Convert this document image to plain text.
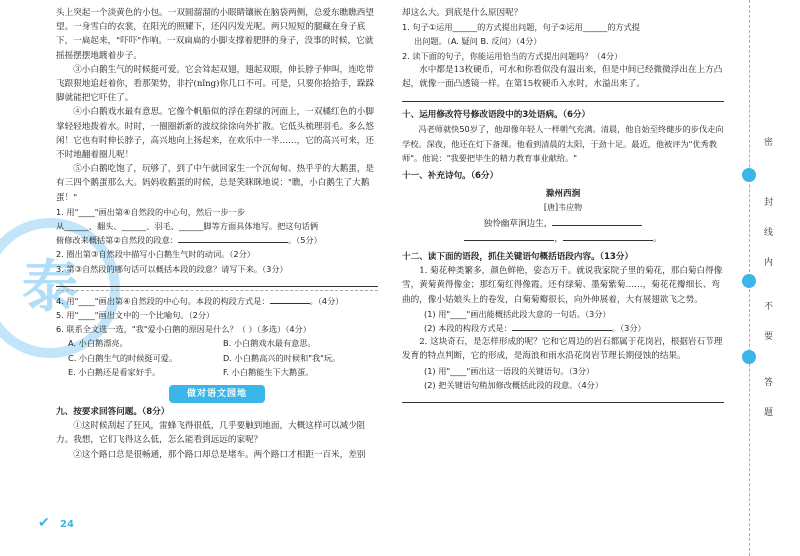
泰

头上突起一个淡黄色的小包。一双圆溜溜的小眼睛镶嵌在脑袋两侧，总爱东瞧瞧西望望。一身雪白的衣裳，在阳光的照耀下，还闪闪发光呢。两只短短的腿藏在身子底下，一扁起来，"吓吓"作响。一双扁扁的小脚支撑着肥胖的身子，没事的时候，它就摇摇摆摆地踱着步子。

③小白鹅生气的时候挺可爱。它会耸起双翅，翅起双眼，伸长脖子伸叫，连吃带飞跟狠地追赶着你，看那架势，非拧(nǐng)你几口不可。可是，只要你拾拾手，跺跺脚就能把它吓住了。

④小白鹅戏水最有意思。它像个帆船似的浮在碧绿的河面上，一双橘红色的小脚掌轻轻地拨着水。时时，一圈圈新新的波纹徐徐向外扩散。它低头梳理羽毛。多么悠闲！它也有时伸长脖子，高兴地向上扬起来，在欢乐中一半……，它的高兴可来，还不时地翻着圈儿呢！

⑤小白鹅吃饱了，玩够了，到了中午就回家生一个沉甸甸、热乎乎的大鹅蛋，是有三四个鹅蛋那么大。妈妈收鹅蛋的时候，总是笑眯眯地说："瞧，小白鹅生了大鹅蛋！"

1. 用"____"画出第④自然段的中心句，然后一步一步

从______、翻头、______、羽毛、______脚等方面具体地写。把这句话俩

俯修改来概括第②自然段的段意：	。（5分）

2. 圈出第③自然段中描写小白鹅生气时的动词。（2分）

3. 第③自然段的哪句话可以概括本段的段意？请写下来。（3分）

4. 用"____"画出第④自然段的中心句。本段的构段方式是：	。（4分）

5. 用"____"画出文中的一个比喻句。（2分）

6. 联系全文选一选，"我"爱小白鹅的原因是什么？（ ）（多选）（4分）

A. 小白鹅漂亮。	B. 小白鹅戏水最有意思。

C. 小白鹅生气的时候挺可爱。	D. 小白鹅高兴的时候和"我"玩。

E. 小白鹅还是看家好手。	F. 小白鹅能生下大鹅蛋。

做对语文园地

九、按要求回答问题。（8分）

①这时候刮起了狂风，雷蜂飞得很低，几乎要触到地面，大概这样可以减少阻力。我想，它们飞得这么低，怎么能看到远远的家呢？

②这个路口总是很畅通，那个路口却总是堵车。两个路口才相距一百米，差别

✔ 24

却这么大。到底是什么原因呢？

1. 句子①运用______的方式提出问题，句子②运用______的方式提

出问题。（A. 疑问 B. 反问）（4分）

2. 读下面的句子，你能运用恰当的方式提出问题吗？（4分）

水中都是13枚硬币，可水和你看似没有温出来，但是中间已经微微浮出在上方凸起，就像一面凸透镜一样。在第15枚硬币入水时，水溢出来了。

十、运用修改符号修改语段中的3处语病。（6分）

冯老师就快50岁了，他却像年轻人一样朝气充满。清晨，他自始至终健步的步伐走向学校。深夜，他还在灯下备课。他看到清晨的太阳，于劲十足。最近，他被评为"优秀教师"。他说："我要把毕生的精力教育事业献给。"

十一、补充诗句。（6分）

滁州西涧

[唐]韦应物

独怜幽草涧边生，

，	。

十二、读下面的语段，抓住关键语句概括语段内容。（13分）

1. 菊花种类繁多，颜色鲜艳，姿态万千。就说我家院子里的菊花，那白菊白得像雪，黄菊黄得像金；那红菊红得像霞。还有绿菊、墨菊紫菊……，菊花花瓣细长、弯曲的，像小姑娘头上的卷发，白菊菊瓣很长，向外伸展着，大有展翅欲飞之势。

(1) 用"____"画出能概括此段大意的一句话。（3分）

(2) 本段的构段方式是：	。（3分）

2. 这块奇石，是怎样形成的呢？它和它周边的岩石都属于花岗岩，根据岩石节理发育的特点判断，它的形成，是海浪和雨水沿花岗岩节理长期侵蚀的结果。

(1) 用"____"画出这一语段的关键语句。（3分）

(2) 把关键语句稍加修改概括此段的段意。（4分）

密
封
线
内
不
要
答
题
